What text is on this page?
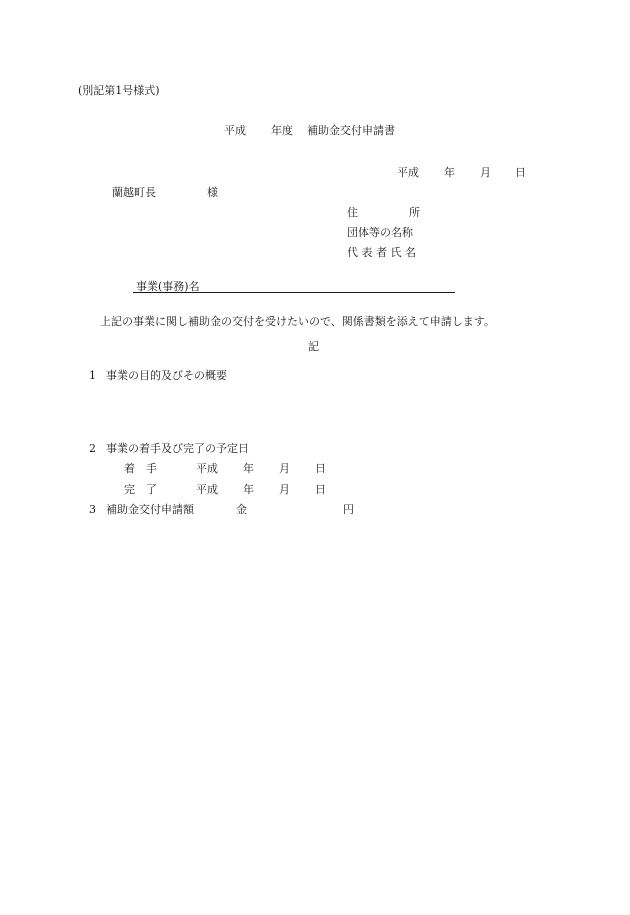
(別記第1号様式)
平成 年度 補助金交付申請書
平成 年 月 日
蘭越町長	様
住	所
団体等の名称
代 表 者 氏 名
事業(事務)名
上記の事業に関し補助金の交付を受けたいので、関係書類を添えて申請します。
記
1 事業の目的及びその概要
2 事業の着手及び完了の予定日
着　手	平成 年 月 日
完　了	平成 年 月 日
3 補助金交付申請額	金	円
